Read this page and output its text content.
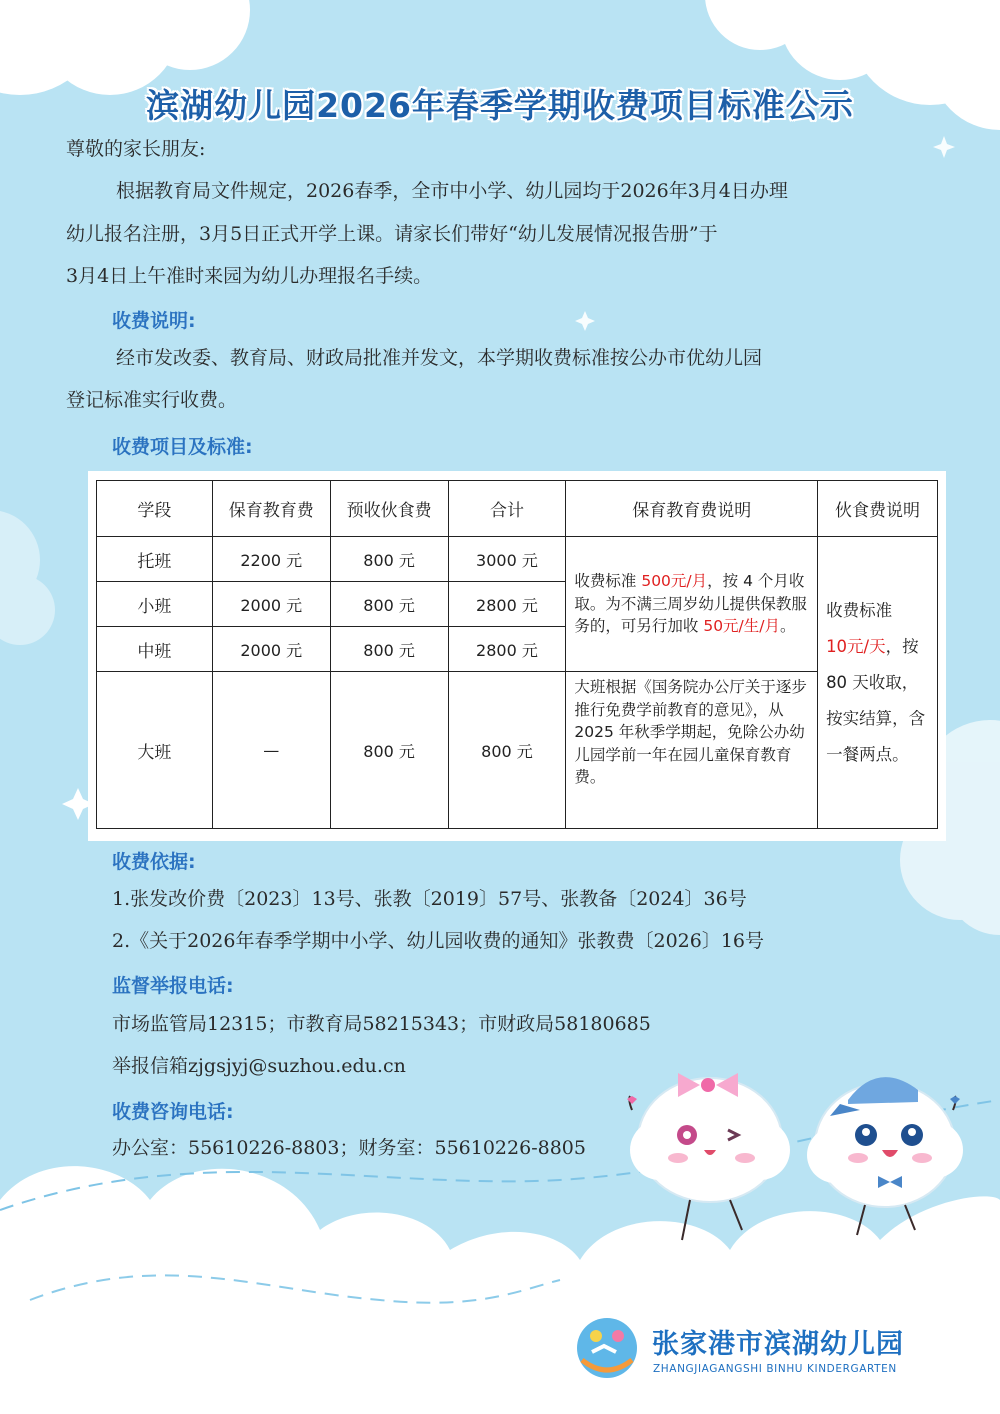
滨湖幼儿园2026年春季学期收费项目标准公示
尊敬的家长朋友:
根据教育局文件规定，2026春季，全市中小学、幼儿园均于2026年3月4日办理
幼儿报名注册，3月5日正式开学上课。请家长们带好“幼儿发展情况报告册”于
3月4日上午准时来园为幼儿办理报名手续。
收费说明:
经市发改委、教育局、财政局批准并发文，本学期收费标准按公办市优幼儿园
登记标准实行收费。
收费项目及标准:
学段	保育教育费	预收伙食费	合计	保育教育费说明	伙食费说明
托班	2200 元	800 元	3000 元	收费标准 500元/月，按 4 个月收取。为不满三周岁幼儿提供保教服务的，可另行加收 50元/生/月。	收费标准
10元/天，按 80 天收取，按实结算，含一餐两点。
小班	2000 元	800 元	2800 元		
中班	2000 元	800 元	2800 元		
大班	—	800 元	800 元	大班根据《国务院办公厅关于逐步推行免费学前教育的意见》，从 2025 年秋季学期起，免除公办幼儿园学前一年在园儿童保育教育费。	
收费依据:
1.张发改价费〔2023〕13号、张教〔2019〕57号、张教备〔2024〕36号
2.《关于2026年春季学期中小学、幼儿园收费的通知》张教费〔2026〕16号
监督举报电话:
市场监管局12315；市教育局58215343；市财政局58180685
举报信箱zjgsjyj@suzhou.edu.cn
收费咨询电话:
办公室：55610226-8803；财务室：55610226-8805
张家港市滨湖幼儿园
ZHANGJIAGANGSHI BINHU KINDERGARTEN
